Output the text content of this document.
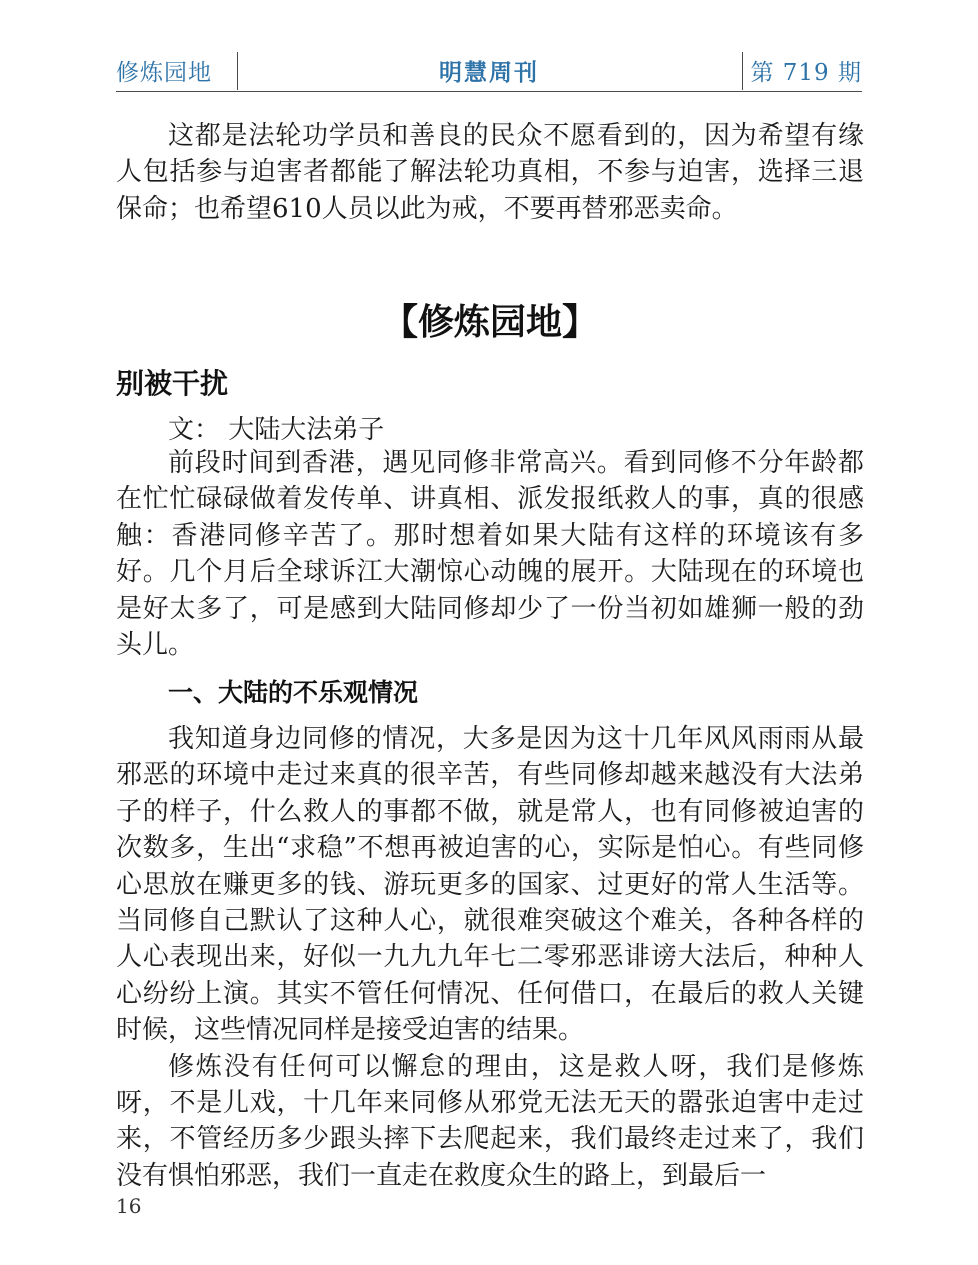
修炼园地	明慧周刊	第 719 期

这都是法轮功学员和善良的民众不愿看到的，因为希望有缘人包括参与迫害者都能了解法轮功真相，不参与迫害，选择三退保命；也希望610人员以此为戒，不要再替邪恶卖命。

【修炼园地】
别被干扰
文： 大陆大法弟子

前段时间到香港，遇见同修非常高兴。看到同修不分年龄都在忙忙碌碌做着发传单、讲真相、派发报纸救人的事，真的很感触：香港同修辛苦了。那时想着如果大陆有这样的环境该有多好。几个月后全球诉江大潮惊心动魄的展开。大陆现在的环境也是好太多了，可是感到大陆同修却少了一份当初如雄狮一般的劲头儿。

一、大陆的不乐观情况

我知道身边同修的情况，大多是因为这十几年风风雨雨从最邪恶的环境中走过来真的很辛苦，有些同修却越来越没有大法弟子的样子，什么救人的事都不做，就是常人，也有同修被迫害的次数多，生出“求稳”不想再被迫害的心，实际是怕心。有些同修心思放在赚更多的钱、游玩更多的国家、过更好的常人生活等。当同修自己默认了这种人心，就很难突破这个难关，各种各样的人心表现出来，好似一九九九年七二零邪恶诽谤大法后，种种人心纷纷上演。其实不管任何情况、任何借口，在最后的救人关键时候，这些情况同样是接受迫害的结果。

修炼没有任何可以懈怠的理由，这是救人呀，我们是修炼呀，不是儿戏，十几年来同修从邪党无法无天的嚣张迫害中走过来，不管经历多少跟头摔下去爬起来，我们最终走过来了，我们没有惧怕邪恶，我们一直走在救度众生的路上，到最后一

16
